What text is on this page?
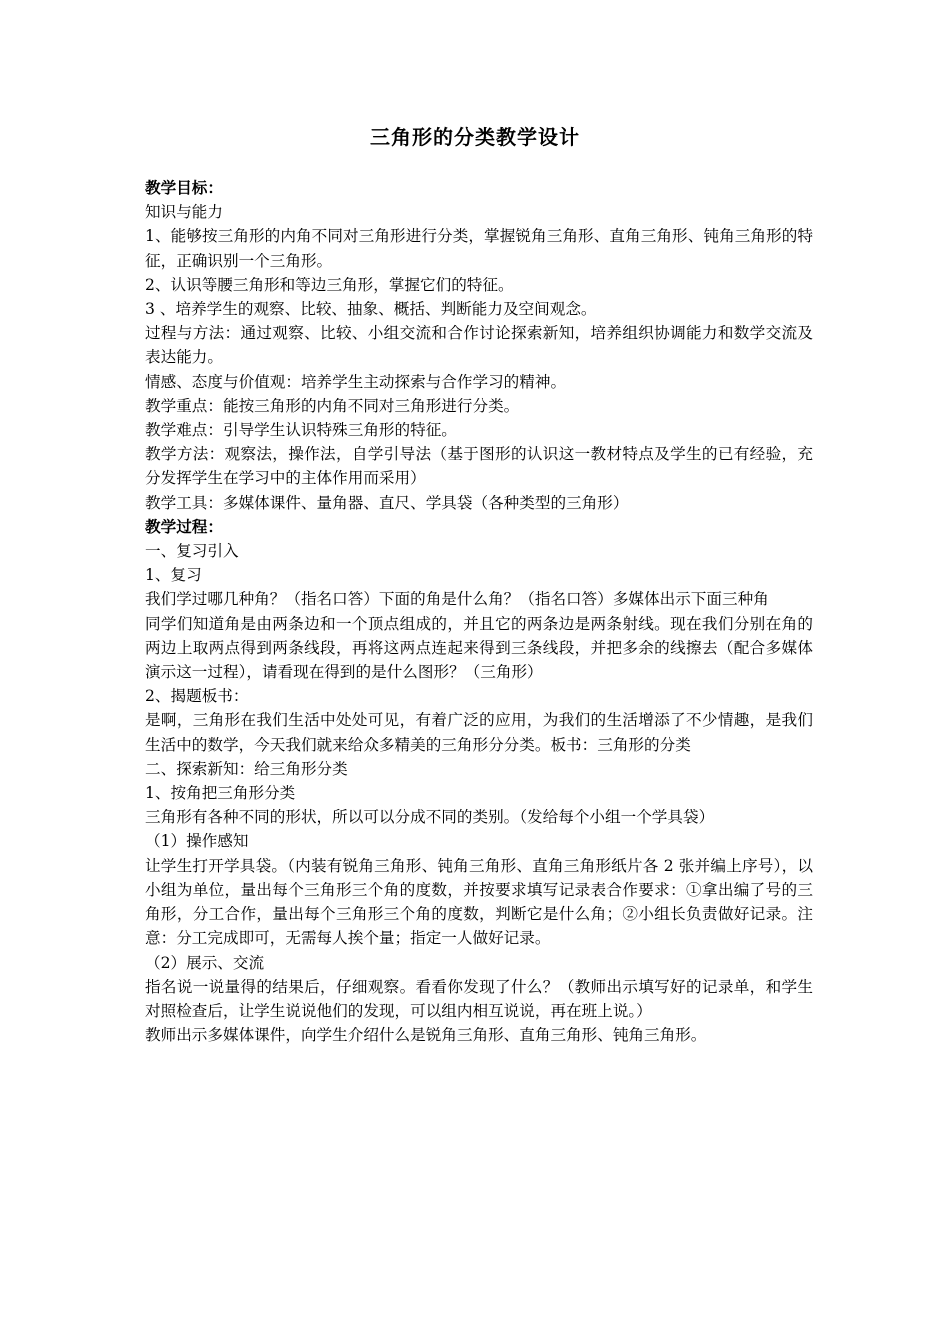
三角形的分类教学设计

教学目标：

知识与能力

1、能够按三角形的内角不同对三角形进行分类，掌握锐角三角形、直角三角形、钝角三角形的特征，正确识别一个三角形。

2、认识等腰三角形和等边三角形，掌握它们的特征。

3 、培养学生的观察、比较、抽象、概括、判断能力及空间观念。

过程与方法：通过观察、比较、小组交流和合作讨论探索新知，培养组织协调能力和数学交流及表达能力。

情感、态度与价值观：培养学生主动探索与合作学习的精神。

教学重点：能按三角形的内角不同对三角形进行分类。

教学难点：引导学生认识特殊三角形的特征。

教学方法：观察法，操作法，自学引导法（基于图形的认识这一教材特点及学生的已有经验，充分发挥学生在学习中的主体作用而采用）

教学工具：多媒体课件、量角器、直尺、学具袋（各种类型的三角形）

教学过程：

一、复习引入

1、复习

我们学过哪几种角？（指名口答）下面的角是什么角？（指名口答）多媒体出示下面三种角

同学们知道角是由两条边和一个顶点组成的，并且它的两条边是两条射线。现在我们分别在角的两边上取两点得到两条线段，再将这两点连起来得到三条线段，并把多余的线擦去（配合多媒体演示这一过程），请看现在得到的是什么图形？（三角形）

2、揭题板书：

是啊，三角形在我们生活中处处可见，有着广泛的应用，为我们的生活增添了不少情趣，是我们生活中的数学，今天我们就来给众多精美的三角形分分类。板书：三角形的分类

二、探索新知：给三角形分类

1、按角把三角形分类

三角形有各种不同的形状，所以可以分成不同的类别。（发给每个小组一个学具袋）

（1）操作感知

让学生打开学具袋。（内装有锐角三角形、钝角三角形、直角三角形纸片各 2 张并编上序号），以小组为单位，量出每个三角形三个角的度数，并按要求填写记录表合作要求：①拿出编了号的三角形，分工合作，量出每个三角形三个角的度数，判断它是什么角；②小组长负责做好记录。注意：分工完成即可，无需每人挨个量；指定一人做好记录。

（2）展示、交流

指名说一说量得的结果后，仔细观察。看看你发现了什么？（教师出示填写好的记录单，和学生对照检查后，让学生说说他们的发现，可以组内相互说说，再在班上说。）

教师出示多媒体课件，向学生介绍什么是锐角三角形、直角三角形、钝角三角形。
